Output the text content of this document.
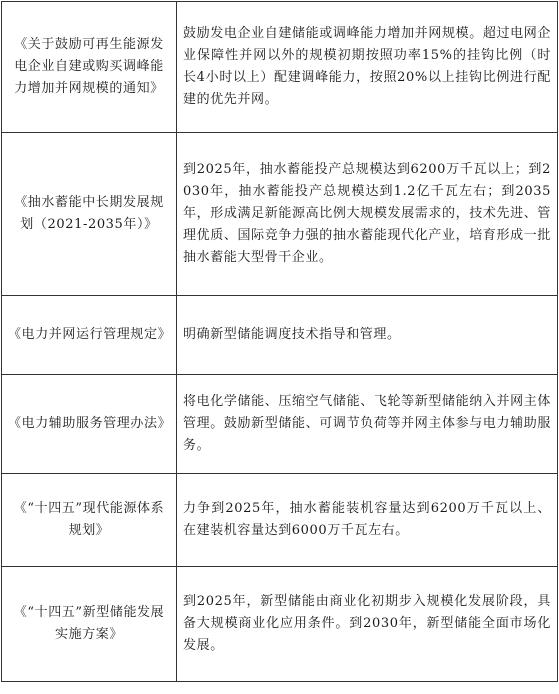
《关于鼓励可再生能源发电企业自建或购买调峰能力增加并网规模的通知》	鼓励发电企业自建储能或调峰能力增加并网规模。超过电网企业保障性并网以外的规模初期按照功率15%的挂钩比例（时长4小时以上）配建调峰能力，按照20%以上挂钩比例进行配建的优先并网。
《抽水蓄能中长期发展规划（2021-2035年）》	到2025年，抽水蓄能投产总规模达到6200万千瓦以上；到2030年，抽水蓄能投产总规模达到1.2亿千瓦左右；到2035年，形成满足新能源高比例大规模发展需求的，技术先进、管理优质、国际竞争力强的抽水蓄能现代化产业，培育形成一批抽水蓄能大型骨干企业。
《电力并网运行管理规定》	明确新型储能调度技术指导和管理。
《电力辅助服务管理办法》	将电化学储能、压缩空气储能、飞轮等新型储能纳入并网主体管理。鼓励新型储能、可调节负荷等并网主体参与电力辅助服务。
《“十四五”现代能源体系规划》	力争到2025年，抽水蓄能装机容量达到6200万千瓦以上、在建装机容量达到6000万千瓦左右。
《“十四五”新型储能发展实施方案》	到2025年，新型储能由商业化初期步入规模化发展阶段，具备大规模商业化应用条件。到2030年，新型储能全面市场化发展。
